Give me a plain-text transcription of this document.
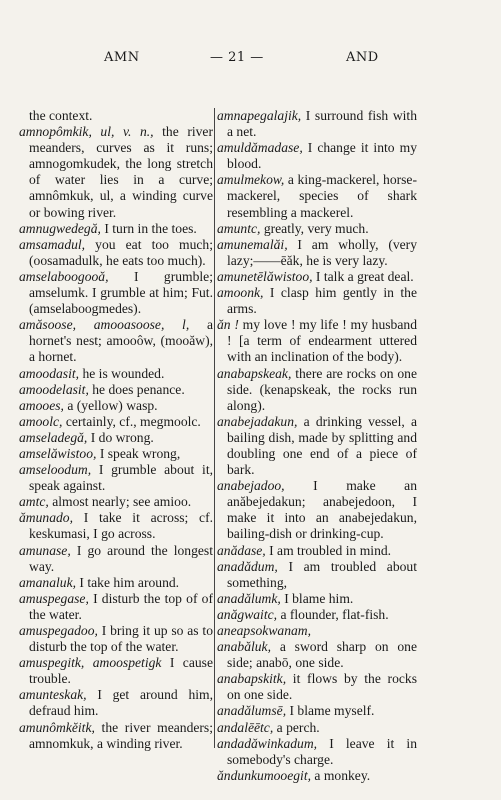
AMN	— 21 —	AND

the context.

amnopômkik, ul, v. n., the river meanders, curves as it runs; amnogomkudek, the long stretch of water lies in a curve; amnômkuk, ul, a winding curve or bowing river.

amnugwedegă, I turn in the toes.

amsamadul, you eat too much; (oosamadulk, he eats too much).

amselaboogooă, I grumble; amselumk. I grumble at him; Fut. (amselaboogmedes).

amăsoose, amooasoose, l, a hornet's nest; amooôw, (mooăw), a hornet.

amoodasit, he is wounded.

amoodelasit, he does penance.

amooes, a (yellow) wasp.

amoolc, certainly, cf., megmoolc.

amseladegă, I do wrong.

amselăwistoo, I speak wrong,

amseloodum, I grumble about it, speak against.

amtc, almost nearly; see amioo.

ămunado, I take it across; cf. keskumasi, I go across.

amunase, I go around the longest way.

amanaluk, I take him around.

amuspegase, I disturb the top of of the water.

amuspegadoo, I bring it up so as to disturb the top of the water.

amuspegitk, amoospetigk I cause trouble.

amunteskak, I get around him, defraud him.

amunômkĕitk, the river meanders; amnomkuk, a winding river.

amnapegalajik, I surround fish with a net.

amuldămadase, I change it into my blood.

amulmekow, a king-mackerel, horse-mackerel, species of shark resembling a mackerel.

amuntc, greatly, very much.

amunemalăi, I am wholly, (very lazy;——ēăk, he is very lazy.

amunetēlăwistoo, I talk a great deal.

amoonk, I clasp him gently in the arms.

ăn ! my love ! my life ! my husband ! [a term of endearment uttered with an inclination of the body).

anabapskeak, there are rocks on one side. (kenapskeak, the rocks run along).

anabejadakun, a drinking vessel, a bailing dish, made by splitting and doubling one end of a piece of bark.

anabejadoo, I make an anăbejedakun; anabejedoon, I make it into an anabejedakun, bailing-dish or drinking-cup.

anădase, I am troubled in mind.

anadădum, I am troubled about something,

anadălumk, I blame him.

anăgwaitc, a flounder, flat-fish.

aneapsokwanam,

anabăluk, a sword sharp on one side; anabō, one side.

anabapskitk, it flows by the rocks on one side.

anadălumsē, I blame myself.

andalēētc, a perch.

andadăwinkadum, I leave it in somebody's charge.

ăndunkumooegit, a monkey.
